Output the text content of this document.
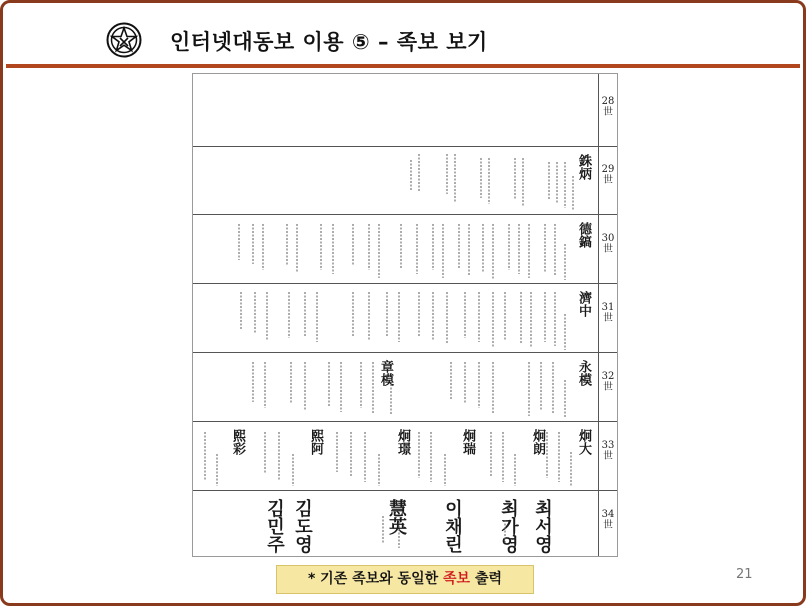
인터넷대동보 이용 ⑤ – 족보 보기
28世
29世
30世
31世
32世
33世
34世
銖炳
德鎬
濟中
永模
章模
炯大
炯朗
炯瑞
炯璟
熙阿
熙彩
최서영
최가영
이채린
慧英
김도영
김민주
* 기존 족보와 동일한 족보 출력	21
